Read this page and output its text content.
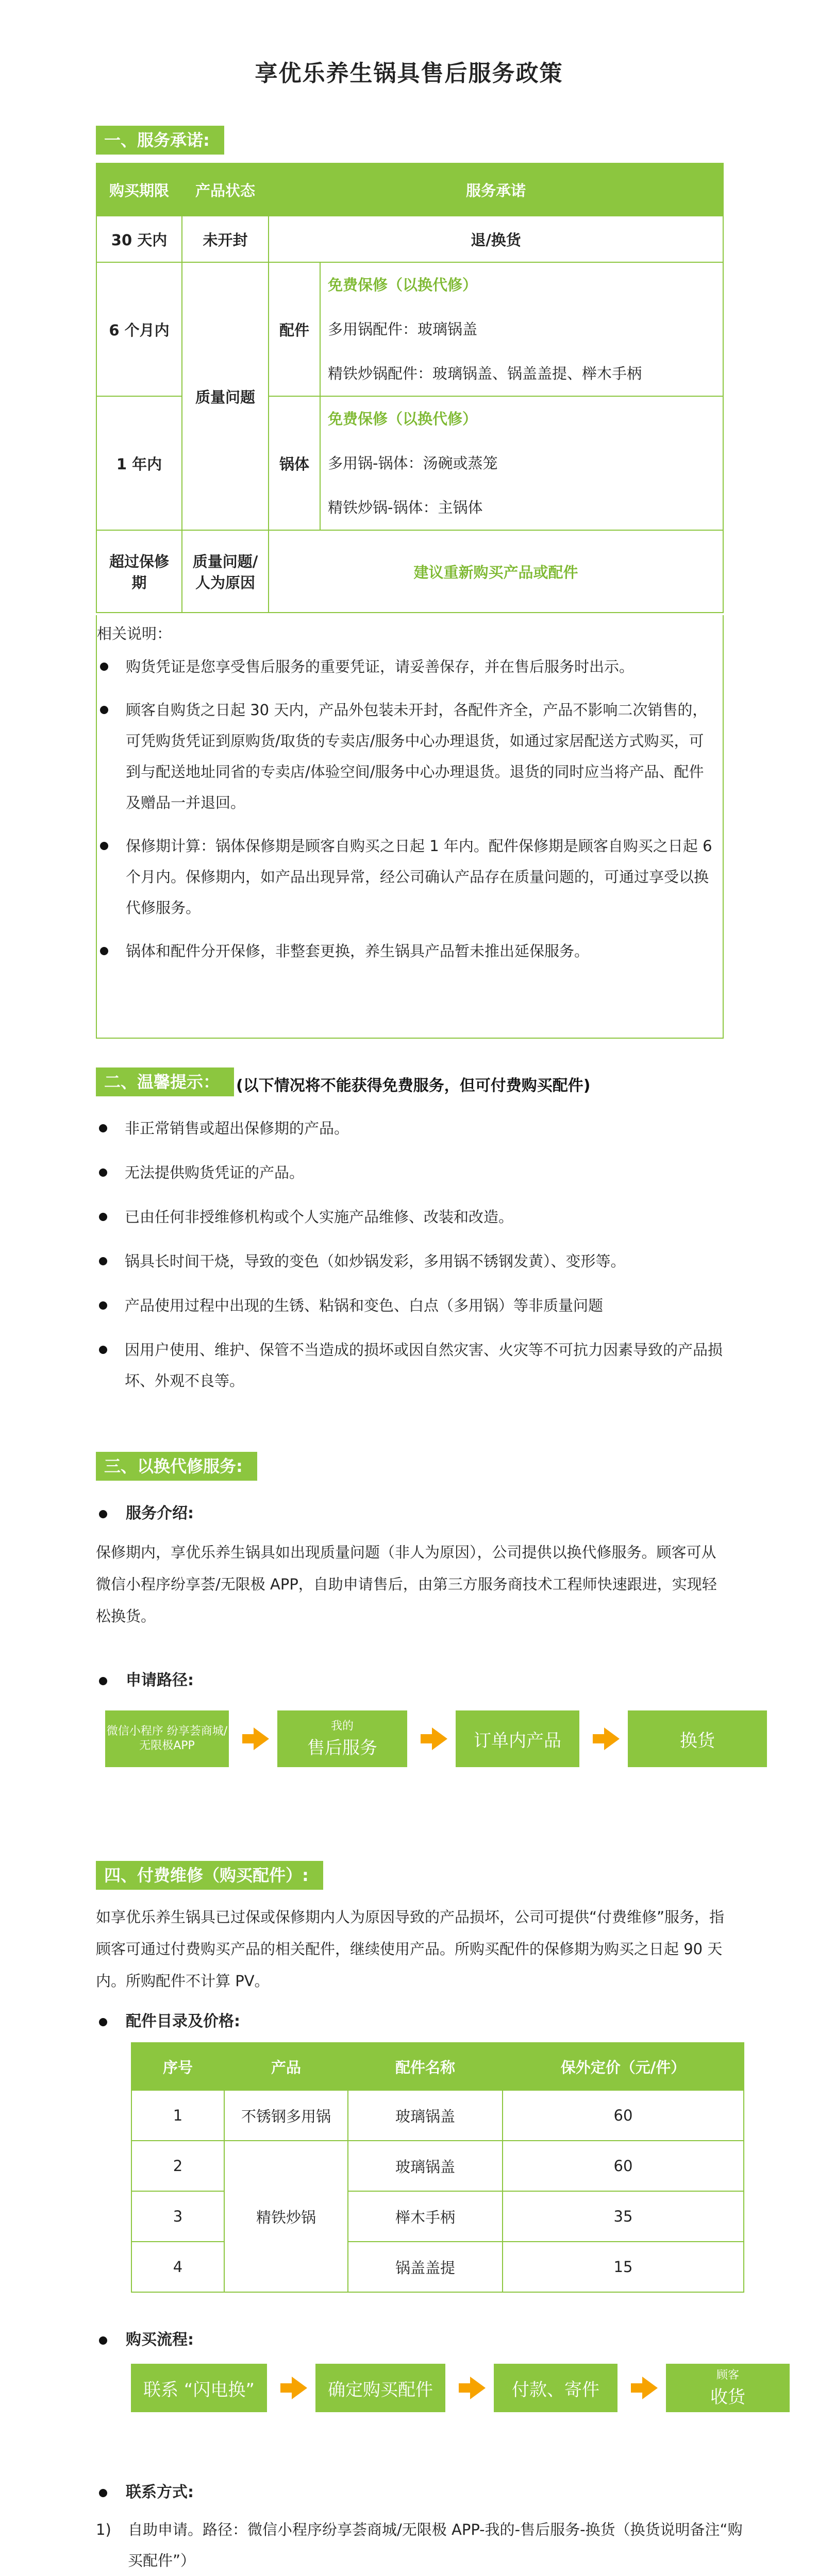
享优乐养生锅具售后服务政策
一、服务承诺:
购买期限	产品状态	服务承诺	
30 天内	未开封	退/换货	
6 个月内	质量问题	配件	免费保修（以换代修）
多用锅配件：玻璃锅盖
精铁炒锅配件：玻璃锅盖、锅盖盖提、榉木手柄

1 年内		锅体	免费保修（以换代修）
多用锅-锅体：汤碗或蒸笼
精铁炒锅-锅体：主锅体

超过保修期	质量问题/人为原因	建议重新购买产品或配件	
相关说明：
购货凭证是您享受售后服务的重要凭证，请妥善保存，并在售后服务时出示。
顾客自购货之日起 30 天内，产品外包装未开封，各配件齐全，产品不影响二次销售的，可凭购货凭证到原购货/取货的专卖店/服务中心办理退货，如通过家居配送方式购买，可到与配送地址同省的专卖店/体验空间/服务中心办理退货。退货的同时应当将产品、配件及赠品一并退回。
保修期计算：锅体保修期是顾客自购买之日起 1 年内。配件保修期是顾客自购买之日起 6 个月内。保修期内，如产品出现异常，经公司确认产品存在质量问题的，可通过享受以换代修服务。
锅体和配件分开保修，非整套更换，养生锅具产品暂未推出延保服务。
二、温馨提示：	(以下情况将不能获得免费服务，但可付费购买配件)
非正常销售或超出保修期的产品。
无法提供购货凭证的产品。
已由任何非授维修机构或个人实施产品维修、改装和改造。
锅具长时间干烧，导致的变色（如炒锅发彩，多用锅不锈钢发黄）、变形等。
产品使用过程中出现的生锈、粘锅和变色、白点（多用锅）等非质量问题
因用户使用、维护、保管不当造成的损坏或因自然灾害、火灾等不可抗力因素导致的产品损坏、外观不良等。
三、以换代修服务:
服务介绍:
保修期内，享优乐养生锅具如出现质量问题（非人为原因），公司提供以换代修服务。顾客可从微信小程序纷享荟/无限极 APP，自助申请售后，由第三方服务商技术工程师快速跟进，实现轻松换货。
申请路径:
微信小程序 纷享荟商城/ 无限极APP
我的
售后服务	订单内产品	换货
四、付费维修（购买配件）:
如享优乐养生锅具已过保或保修期内人为原因导致的产品损坏，公司可提供“付费维修”服务，指顾客可通过付费购买产品的相关配件，继续使用产品。所购买配件的保修期为购买之日起 90 天内。所购配件不计算 PV。
配件目录及价格:
序号	产品	配件名称	保外定价（元/件）
1	不锈钢多用锅	玻璃锅盖	60
2	精铁炒锅	玻璃锅盖	60
3		榉木手柄	35
4		锅盖盖提	15
购买流程:
联系 “闪电换”	确定购买配件	付款、寄件
顾客
收货
联系方式:
1) 自助申请。路径：微信小程序纷享荟商城/无限极 APP-我的-售后服务-换货（换货说明备注“购买配件”）
